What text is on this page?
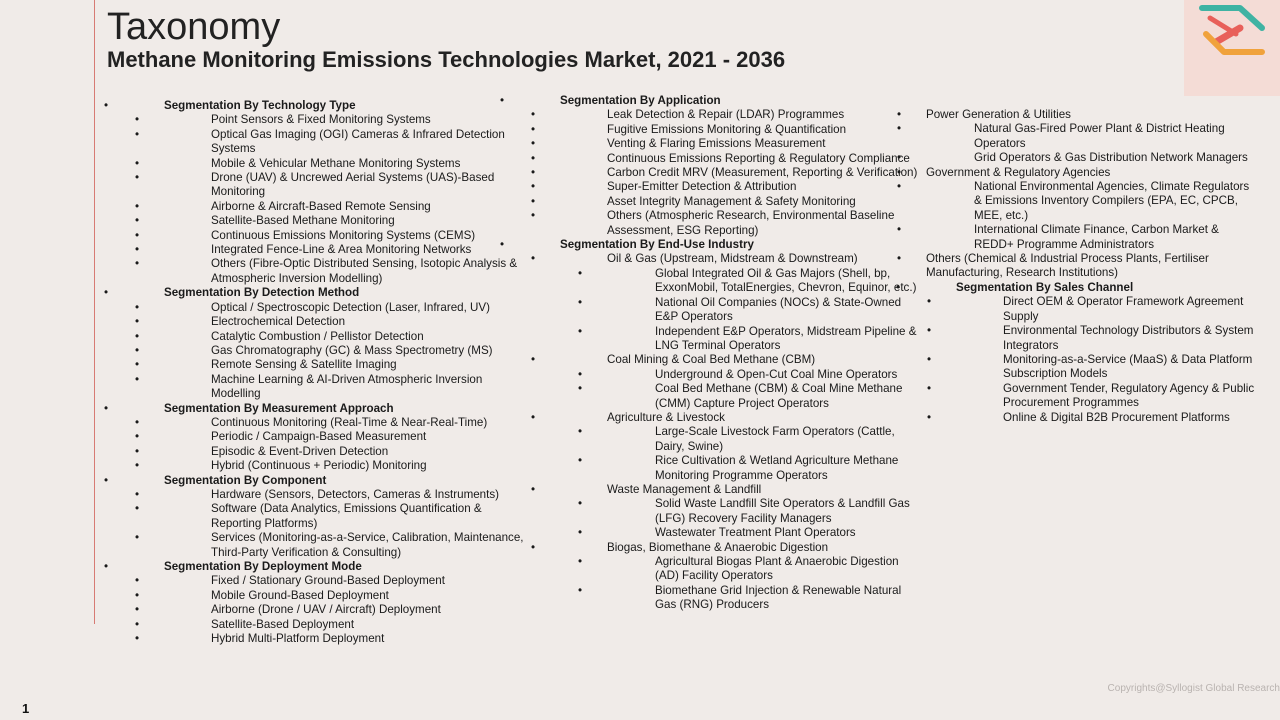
Taxonomy
Methane Monitoring Emissions Technologies Market, 2021 - 2036
• Segmentation By Technology Type
• Point Sensors & Fixed Monitoring Systems
• Optical Gas Imaging (OGI) Cameras & Infrared Detection Systems
• Mobile & Vehicular Methane Monitoring Systems
• Drone (UAV) & Uncrewed Aerial Systems (UAS)-Based Monitoring
• Airborne & Aircraft-Based Remote Sensing
• Satellite-Based Methane Monitoring
• Continuous Emissions Monitoring Systems (CEMS)
• Integrated Fence-Line & Area Monitoring Networks
• Others (Fibre-Optic Distributed Sensing, Isotopic Analysis & Atmospheric Inversion Modelling)
• Segmentation By Detection Method
• Optical / Spectroscopic Detection (Laser, Infrared, UV)
• Electrochemical Detection
• Catalytic Combustion / Pellistor Detection
• Gas Chromatography (GC) & Mass Spectrometry (MS)
• Remote Sensing & Satellite Imaging
• Machine Learning & AI-Driven Atmospheric Inversion Modelling
• Segmentation By Measurement Approach
• Continuous Monitoring (Real-Time & Near-Real-Time)
• Periodic / Campaign-Based Measurement
• Episodic & Event-Driven Detection
• Hybrid (Continuous + Periodic) Monitoring
• Segmentation By Component
• Hardware (Sensors, Detectors, Cameras & Instruments)
• Software (Data Analytics, Emissions Quantification & Reporting Platforms)
• Services (Monitoring-as-a-Service, Calibration, Maintenance, Third-Party Verification & Consulting)
• Segmentation By Deployment Mode
• Fixed / Stationary Ground-Based Deployment
• Mobile Ground-Based Deployment
• Airborne (Drone / UAV / Aircraft) Deployment
• Satellite-Based Deployment
• Hybrid Multi-Platform Deployment
• Segmentation By Application
• Leak Detection & Repair (LDAR) Programmes
• Fugitive Emissions Monitoring & Quantification
• Venting & Flaring Emissions Measurement
• Continuous Emissions Reporting & Regulatory Compliance
• Carbon Credit MRV (Measurement, Reporting & Verification)
• Super-Emitter Detection & Attribution
• Asset Integrity Management & Safety Monitoring
• Others (Atmospheric Research, Environmental Baseline Assessment, ESG Reporting)
• Segmentation By End-Use Industry
• Oil & Gas (Upstream, Midstream & Downstream)
• Global Integrated Oil & Gas Majors (Shell, bp, ExxonMobil, TotalEnergies, Chevron, Equinor, etc.)
• National Oil Companies (NOCs) & State-Owned E&P Operators
• Independent E&P Operators, Midstream Pipeline & LNG Terminal Operators
• Coal Mining & Coal Bed Methane (CBM)
• Underground & Open-Cut Coal Mine Operators
• Coal Bed Methane (CBM) & Coal Mine Methane (CMM) Capture Project Operators
• Agriculture & Livestock
• Large-Scale Livestock Farm Operators (Cattle, Dairy, Swine)
• Rice Cultivation & Wetland Agriculture Methane Monitoring Programme Operators
• Waste Management & Landfill
• Solid Waste Landfill Site Operators & Landfill Gas (LFG) Recovery Facility Managers
• Wastewater Treatment Plant Operators
• Biogas, Biomethane & Anaerobic Digestion
• Agricultural Biogas Plant & Anaerobic Digestion (AD) Facility Operators
• Biomethane Grid Injection & Renewable Natural Gas (RNG) Producers
• Power Generation & Utilities
• Natural Gas-Fired Power Plant & District Heating Operators
• Grid Operators & Gas Distribution Network Managers
• Government & Regulatory Agencies
• National Environmental Agencies, Climate Regulators & Emissions Inventory Compilers (EPA, EC, CPCB, MEE, etc.)
• International Climate Finance, Carbon Market & REDD+ Programme Administrators
• Others (Chemical & Industrial Process Plants, Fertiliser Manufacturing, Research Institutions)
• Segmentation By Sales Channel
• Direct OEM & Operator Framework Agreement Supply
• Environmental Technology Distributors & System Integrators
• Monitoring-as-a-Service (MaaS) & Data Platform Subscription Models
• Government Tender, Regulatory Agency & Public Procurement Programmes
• Online & Digital B2B Procurement Platforms
1
Copyrights@Syllogist Global Research
